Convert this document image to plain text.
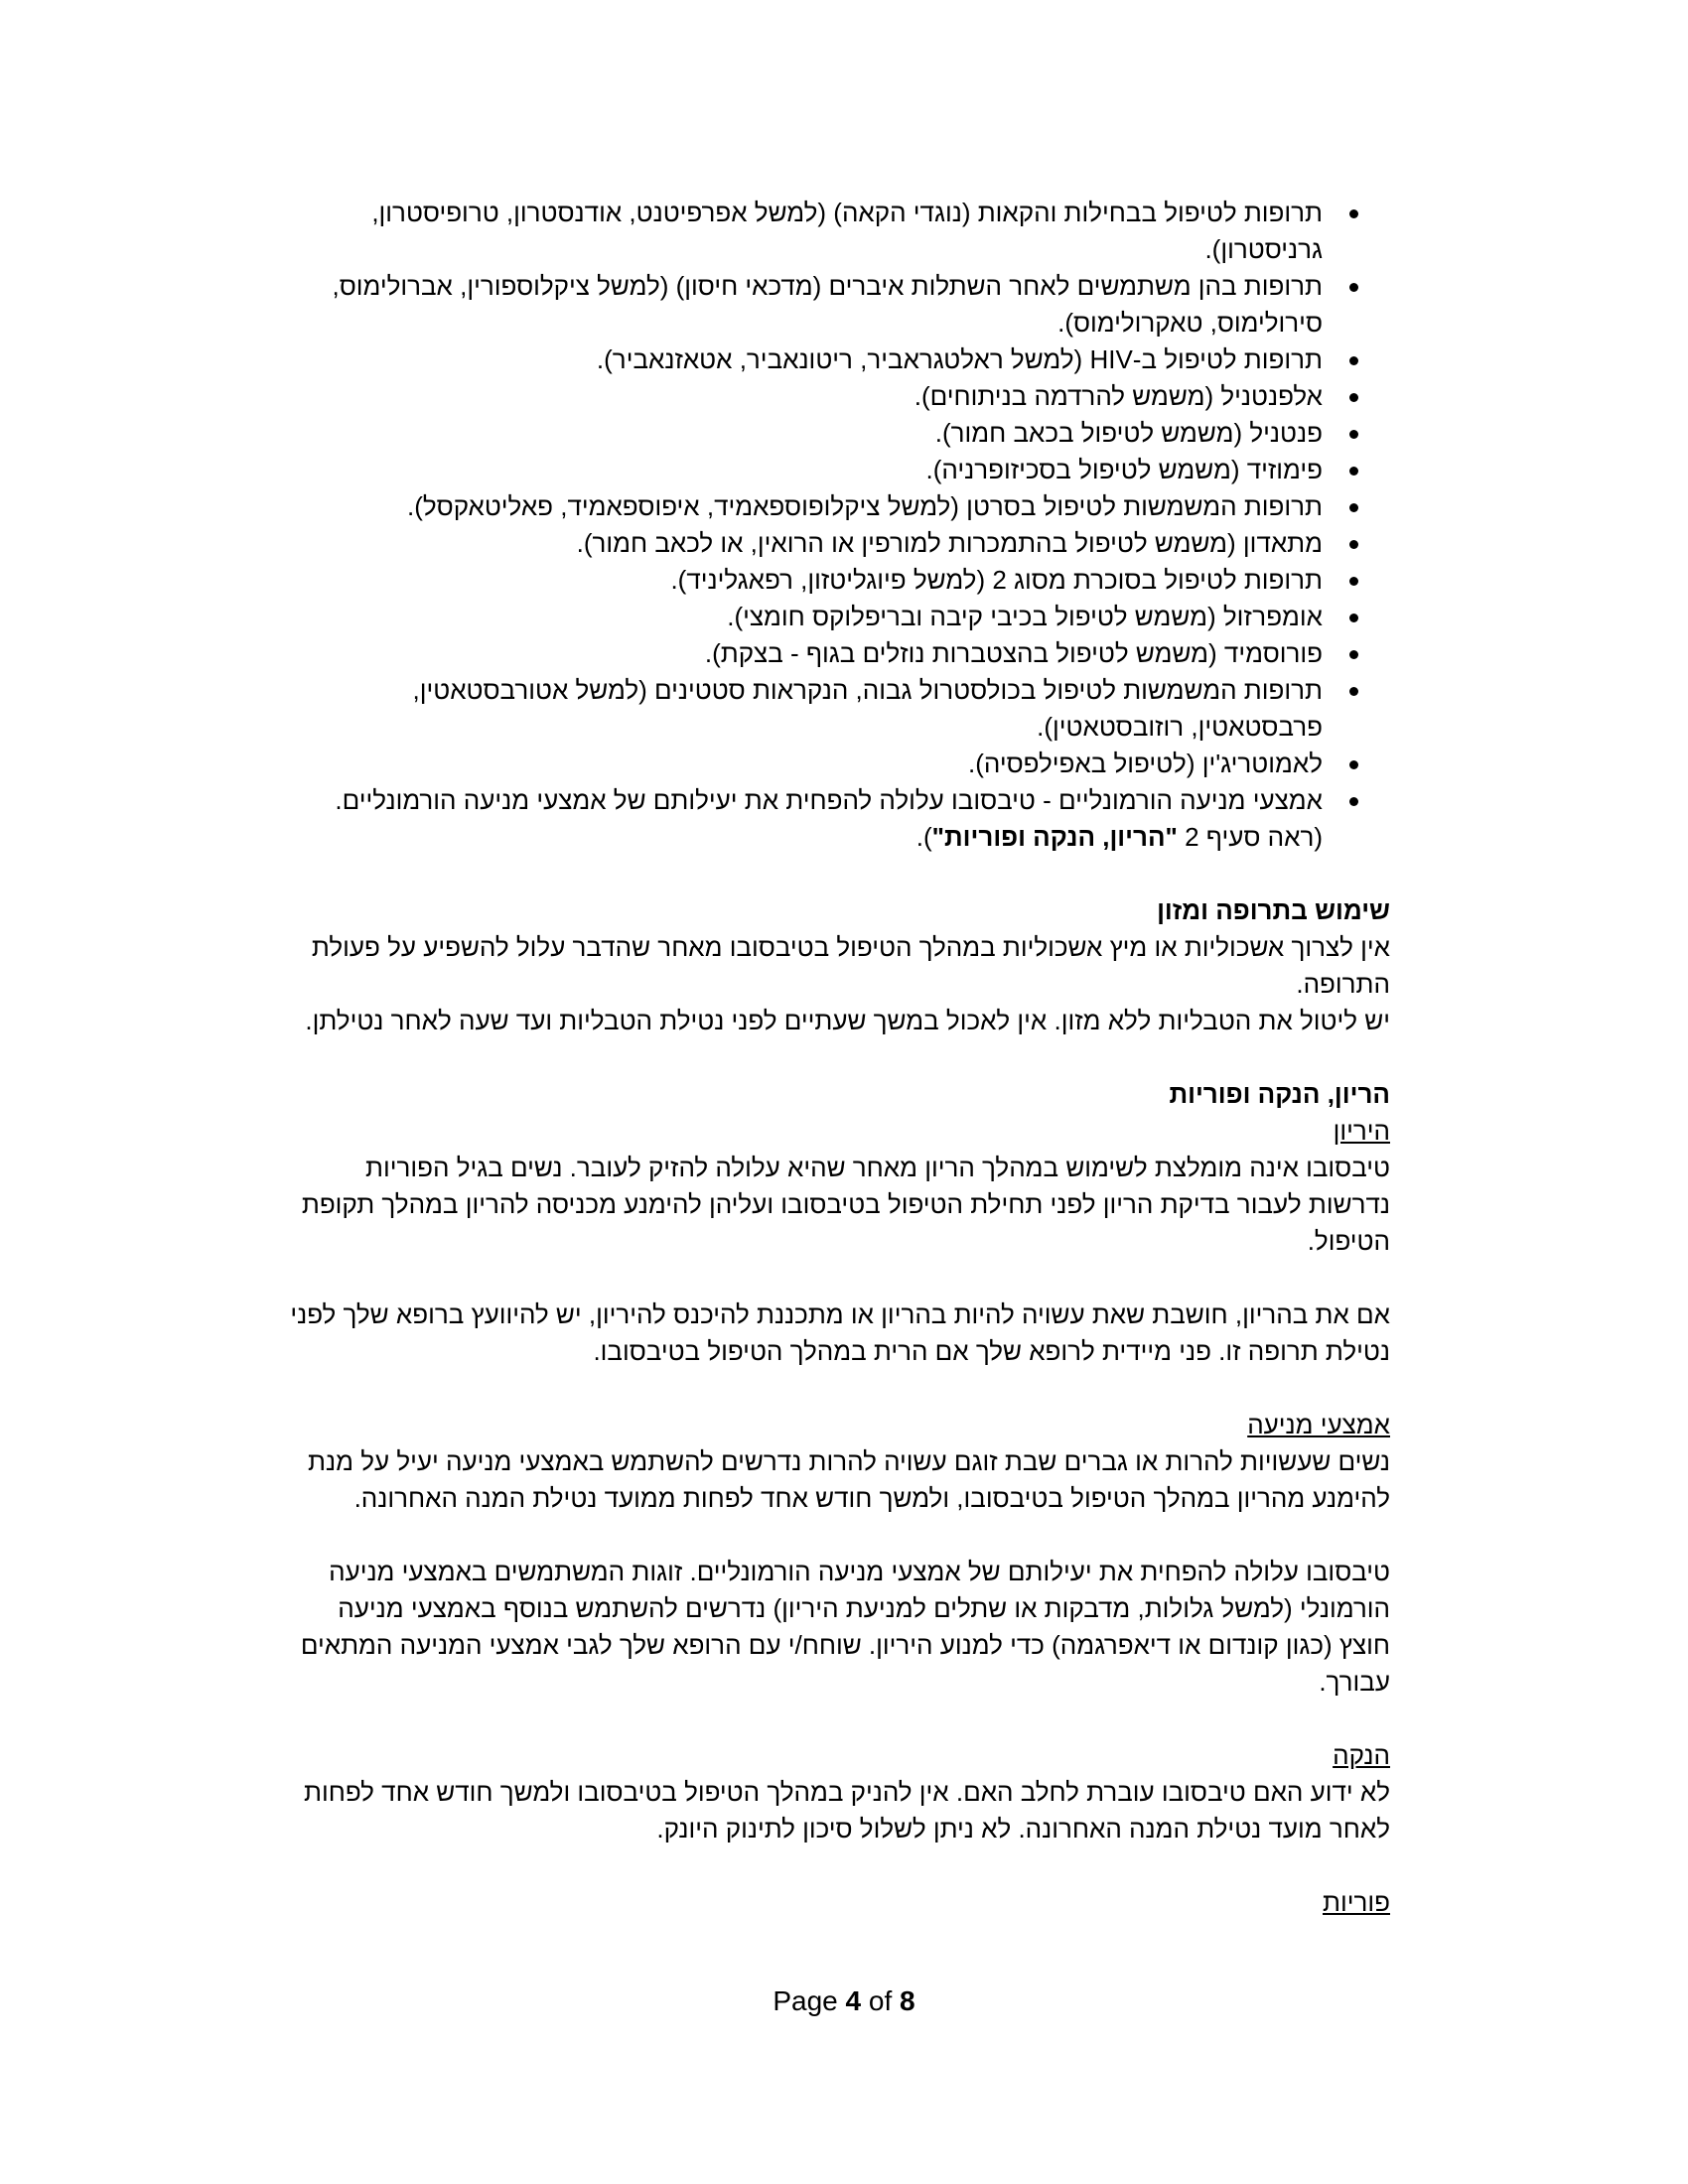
תרופות לטיפול בבחילות והקאות (נוגדי הקאה) (למשל אפרפיטנט, אודנסטרון, טרופיסטרון, גרניסטרון).
תרופות בהן משתמשים לאחר השתלות איברים (מדכאי חיסון) (למשל ציקלוספורין, אברולימוס, סירולימוס, טאקרולימוס).
תרופות לטיפול ב-HIV (למשל ראלטגראביר, ריטונאביר, אטאזנאביר).
אלפנטניל (משמש להרדמה בניתוחים).
פנטניל (משמש לטיפול בכאב חמור).
פימוזיד (משמש לטיפול בסכיזופרניה).
תרופות המשמשות לטיפול בסרטן (למשל ציקלופוספאמיד, איפוספאמיד, פאליטאקסל).
מתאדון (משמש לטיפול בהתמכרות למורפין או הרואין, או לכאב חמור).
תרופות לטיפול בסוכרת מסוג 2 (למשל פיוגליטזון, רפאגליניד).
אומפרזול (משמש לטיפול בכיבי קיבה ובריפלוקס חומצי).
פורוסמיד (משמש לטיפול בהצטברות נוזלים בגוף - בצקת).
תרופות המשמשות לטיפול בכולסטרול גבוה, הנקראות סטטינים (למשל אטורבסטאטין, פרבסטאטין, רוזובסטאטין).
לאמוטריג'ין (לטיפול באפילפסיה).
אמצעי מניעה הורמונליים - טיבסובו עלולה להפחית את יעילותם של אמצעי מניעה הורמונליים. (ראה סעיף 2 "הריון, הנקה ופוריות").

שימוש בתרופה ומזון

אין לצרוך אשכוליות או מיץ אשכוליות במהלך הטיפול בטיבסובו מאחר שהדבר עלול להשפיע על פעולת התרופה.

יש ליטול את הטבליות ללא מזון. אין לאכול במשך שעתיים לפני נטילת הטבליות ועד שעה לאחר נטילתן.

הריון, הנקה ופוריות

היריון

טיבסובו אינה מומלצת לשימוש במהלך הריון מאחר שהיא עלולה להזיק לעובר. נשים בגיל הפוריות נדרשות לעבור בדיקת הריון לפני תחילת הטיפול בטיבסובו ועליהן להימנע מכניסה להריון במהלך תקופת הטיפול.

אם את בהריון, חושבת שאת עשויה להיות בהריון או מתכננת להיכנס להיריון, יש להיוועץ ברופא שלך לפני נטילת תרופה זו. פני מיידית לרופא שלך אם הרית במהלך הטיפול בטיבסובו.

אמצעי מניעה

נשים שעשויות להרות או גברים שבת זוגם עשויה להרות נדרשים להשתמש באמצעי מניעה יעיל על מנת להימנע מהריון במהלך הטיפול בטיבסובו, ולמשך חודש אחד לפחות ממועד נטילת המנה האחרונה.

טיבסובו עלולה להפחית את יעילותם של אמצעי מניעה הורמונליים. זוגות המשתמשים באמצעי מניעה הורמונלי (למשל גלולות, מדבקות או שתלים למניעת היריון) נדרשים להשתמש בנוסף באמצעי מניעה חוצץ (כגון קונדום או דיאפרגמה) כדי למנוע היריון. שוחח/י עם הרופא שלך לגבי אמצעי המניעה המתאים עבורך.

הנקה

לא ידוע האם טיבסובו עוברת לחלב האם. אין להניק במהלך הטיפול בטיבסובו ולמשך חודש אחד לפחות לאחר מועד נטילת המנה האחרונה. לא ניתן לשלול סיכון לתינוק היונק.

פוריות

Page 4 of 8
